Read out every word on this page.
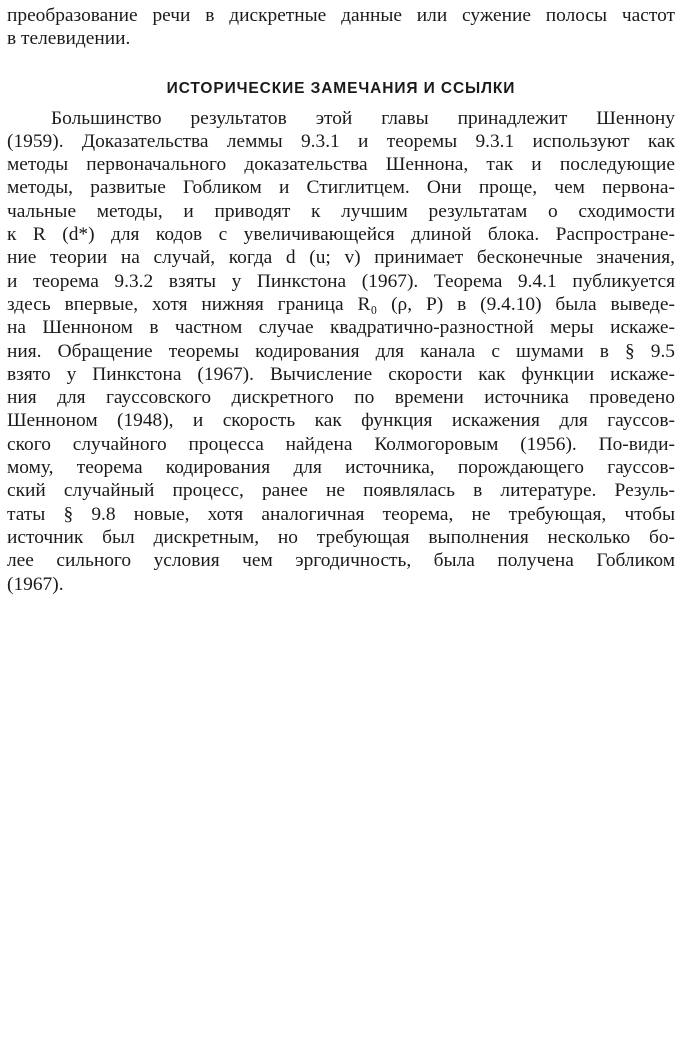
преобразование речи в дискретные данные или сужение полосы частот
в телевидении.
ИСТОРИЧЕСКИЕ ЗАМЕЧАНИЯ И ССЫЛКИ
Большинство результатов этой главы принадлежит Шеннону
(1959). Доказательства леммы 9.3.1 и теоремы 9.3.1 используют как
методы первоначального доказательства Шеннона, так и последующие
методы, развитые Гобликом и Стиглитцем. Они проще, чем первона-
чальные методы, и приводят к лучшим результатам о сходимости
к R (d*) для кодов с увеличивающейся длиной блока. Распростране-
ние теории на случай, когда d (u; v) принимает бесконечные значения,
и теорема 9.3.2 взяты у Пинкстона (1967). Теорема 9.4.1 публикуется
здесь впервые, хотя нижняя граница R₀ (ρ, P) в (9.4.10) была выведе-
на Шенноном в частном случае квадратично-разностной меры искаже-
ния. Обращение теоремы кодирования для канала с шумами в § 9.5
взято у Пинкстона (1967). Вычисление скорости как функции искаже-
ния для гауссовского дискретного по времени источника проведено
Шенноном (1948), и скорость как функция искажения для гауссов-
ского случайного процесса найдена Колмогоровым (1956). По-види-
мому, теорема кодирования для источника, порождающего гауссов-
ский случайный процесс, ранее не появлялась в литературе. Резуль-
таты § 9.8 новые, хотя аналогичная теорема, не требующая, чтобы
источник был дискретным, но требующая выполнения несколько бо-
лее сильного условия чем эргодичность, была получена Гобликом
(1967).
